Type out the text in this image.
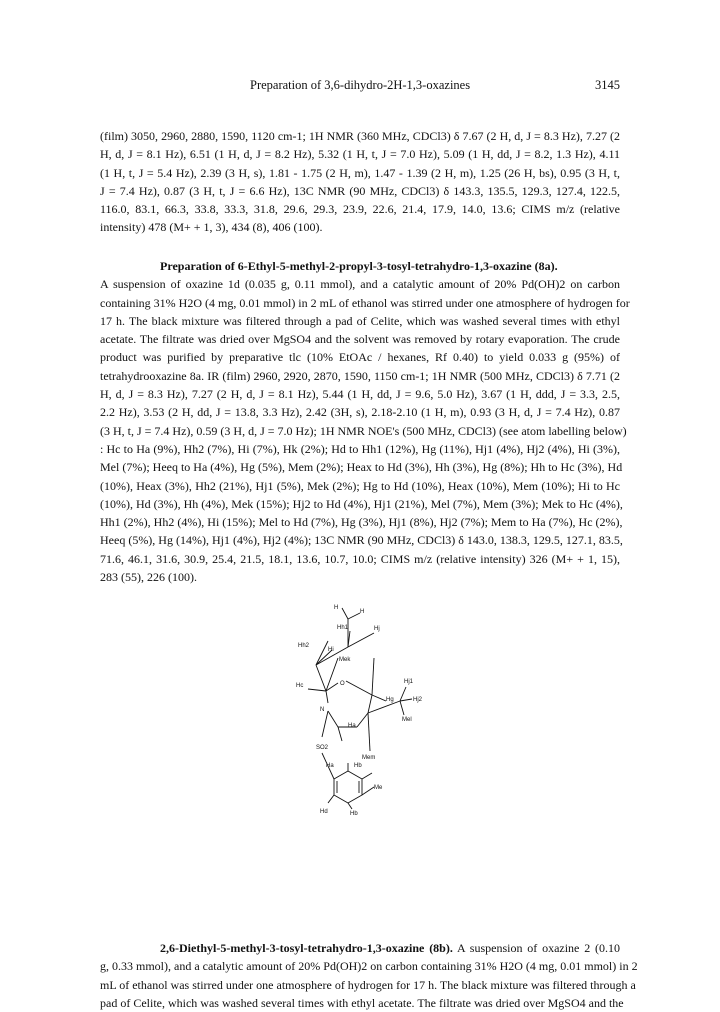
Preparation of 3,6-dihydro-2H-1,3-oxazines	3145

(film) 3050, 2960, 2880, 1590, 1120 cm-1; 1H NMR (360 MHz, CDCl3) δ 7.67 (2 H, d, J = 8.3 Hz), 7.27 (2
H, d, J = 8.1 Hz), 6.51 (1 H, d, J = 8.2 Hz), 5.32 (1 H, t, J = 7.0 Hz), 5.09 (1 H, dd, J = 8.2, 1.3 Hz), 4.11
(1 H, t, J = 5.4 Hz), 2.39 (3 H, s), 1.81 - 1.75 (2 H, m), 1.47 - 1.39 (2 H, m), 1.25 (26 H, bs), 0.95 (3 H, t,
J = 7.4 Hz), 0.87 (3 H, t, J = 6.6 Hz), 13C NMR (90 MHz, CDCl3) δ 143.3, 135.5, 129.3, 127.4, 122.5,
116.0, 83.1, 66.3, 33.8, 33.3, 31.8, 29.6, 29.3, 23.9, 22.6, 21.4, 17.9, 14.0, 13.6; CIMS m/z (relative
intensity) 478 (M+ + 1, 3), 434 (8), 406 (100).

Preparation of 6-Ethyl-5-methyl-2-propyl-3-tosyl-tetrahydro-1,3-oxazine (8a).
A suspension of oxazine 1d (0.035 g, 0.11 mmol), and a catalytic amount of 20% Pd(OH)2 on carbon
containing 31% H2O (4 mg, 0.01 mmol) in 2 mL of ethanol was stirred under one atmosphere of hydrogen for
17 h. The black mixture was filtered through a pad of Celite, which was washed several times with ethyl
acetate. The filtrate was dried over MgSO4 and the solvent was removed by rotary evaporation. The crude
product was purified by preparative tlc (10% EtOAc / hexanes, Rf 0.40) to yield 0.033 g (95%) of
tetrahydrooxazine 8a. IR (film) 2960, 2920, 2870, 1590, 1150 cm-1; 1H NMR (500 MHz, CDCl3) δ 7.71 (2
H, d, J = 8.3 Hz), 7.27 (2 H, d, J = 8.1 Hz), 5.44 (1 H, dd, J = 9.6, 5.0 Hz), 3.67 (1 H, ddd, J = 3.3, 2.5,
2.2 Hz), 3.53 (2 H, dd, J = 13.8, 3.3 Hz), 2.42 (3H, s), 2.18-2.10 (1 H, m), 0.93 (3 H, d, J = 7.4 Hz), 0.87
(3 H, t, J = 7.4 Hz), 0.59 (3 H, d, J = 7.0 Hz); 1H NMR NOE's (500 MHz, CDCl3) (see atom labelling below)
: Hc to Ha (9%), Hh2 (7%), Hi (7%), Hk (2%); Hd to Hh1 (12%), Hg (11%), Hj1 (4%), Hj2 (4%), Hi (3%),
Mel (7%); Heeq to Ha (4%), Hg (5%), Mem (2%); Heax to Hd (3%), Hh (3%), Hg (8%); Hh to Hc (3%), Hd
(10%), Heax (3%), Hh2 (21%), Hj1 (5%), Mek (2%); Hg to Hd (10%), Heax (10%), Mem (10%); Hi to Hc
(10%), Hd (3%), Hh (4%), Mek (15%); Hj2 to Hd (4%), Hj1 (21%), Mel (7%), Mem (3%); Mek to Hc (4%),
Hh1 (2%), Hh2 (4%), Hi (15%); Mel to Hd (7%), Hg (3%), Hj1 (8%), Hj2 (7%); Mem to Ha (7%), Hc (2%),
Heeq (5%), Hg (14%), Hj1 (4%), Hj2 (4%); 13C NMR (90 MHz, CDCl3) δ 143.0, 138.3, 129.5, 127.1, 83.5,
71.6, 46.1, 31.6, 30.9, 25.4, 21.5, 18.1, 13.6, 10.7, 10.0; CIMS m/z (relative intensity) 326 (M+ + 1, 15),
283 (55), 226 (100).

Hh2
H
H
Hh1	Hj
Hi
Mek
Hc	O	Hj1
Hg	Hj2
N
Ha
Mel
Mem
SO2
Ha	Hb
Me
Hd	Hb

2,6-Diethyl-5-methyl-3-tosyl-tetrahydro-1,3-oxazine (8b). A suspension of oxazine 2 (0.10
g, 0.33 mmol), and a catalytic amount of 20% Pd(OH)2 on carbon containing 31% H2O (4 mg, 0.01 mmol) in 2
mL of ethanol was stirred under one atmosphere of hydrogen for 17 h. The black mixture was filtered through a
pad of Celite, which was washed several times with ethyl acetate. The filtrate was dried over MgSO4 and the
